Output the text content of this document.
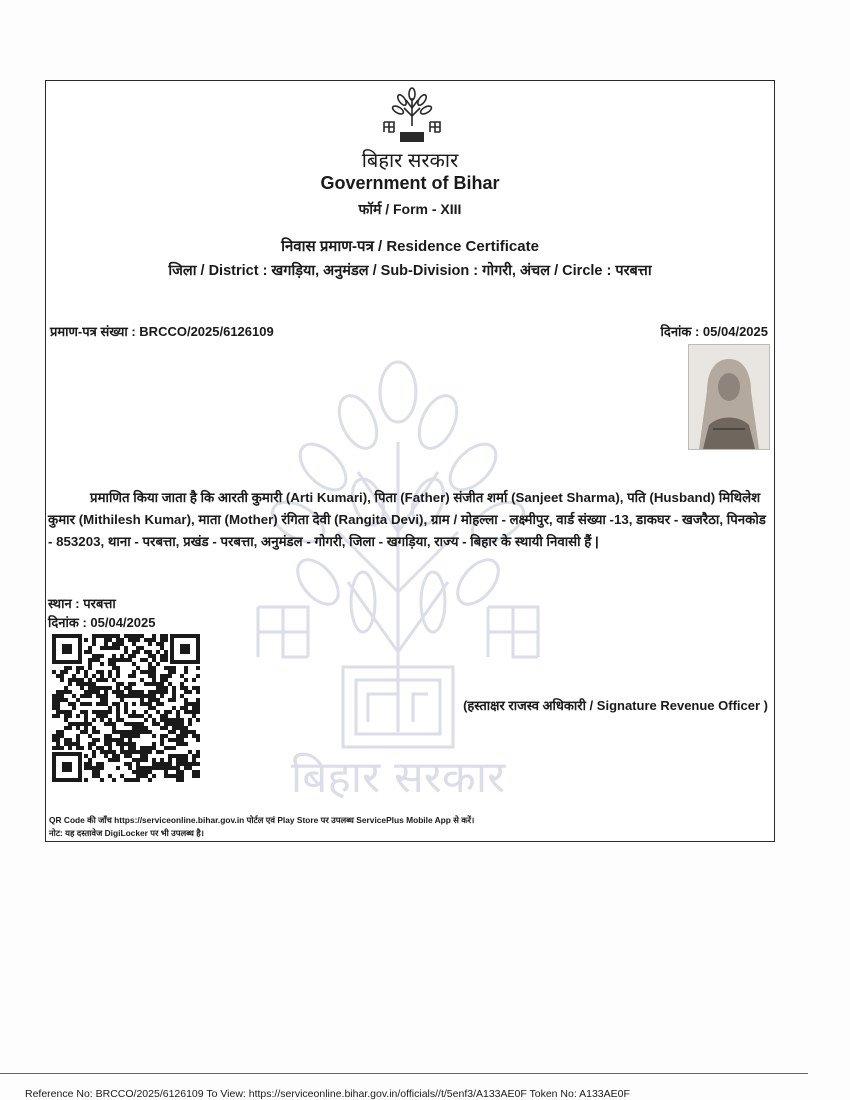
बिहार सरकार
बिहार सरकार
Government of Bihar
फॉर्म / Form - XIII
निवास प्रमाण-पत्र / Residence Certificate
जिला / District : खगड़िया, अनुमंडल / Sub-Division : गोगरी, अंचल / Circle : परबत्ता
प्रमाण-पत्र संख्या : BRCCO/2025/6126109	दिनांक : 05/04/2025
प्रमाणित किया जाता है कि आरती कुमारी (Arti Kumari), पिता (Father) संजीत शर्मा (Sanjeet Sharma), पति (Husband) मिथिलेश कुमार (Mithilesh Kumar), माता (Mother) रंगिता देवी (Rangita Devi), ग्राम / मोहल्ला - लक्ष्मीपुर, वार्ड संख्या -13, डाकघर - खजरैठा, पिनकोड - 853203, थाना - परबत्ता, प्रखंड - परबत्ता, अनुमंडल - गोगरी, जिला - खगड़िया, राज्य - बिहार के स्थायी निवासी हैं |
स्थान : परबत्ता
दिनांक : 05/04/2025
(हस्ताक्षर राजस्व अधिकारी / Signature Revenue Officer )
QR Code की जाँच https://serviceonline.bihar.gov.in पोर्टल एवं Play Store पर उपलब्ध ServicePlus Mobile App से करें।
नोट: यह दस्तावेज DigiLocker पर भी उपलब्ध है।
Reference No: BRCCO/2025/6126109 To View: https://serviceonline.bihar.gov.in/officials//t/5enf3/A133AE0F Token No: A133AE0F
